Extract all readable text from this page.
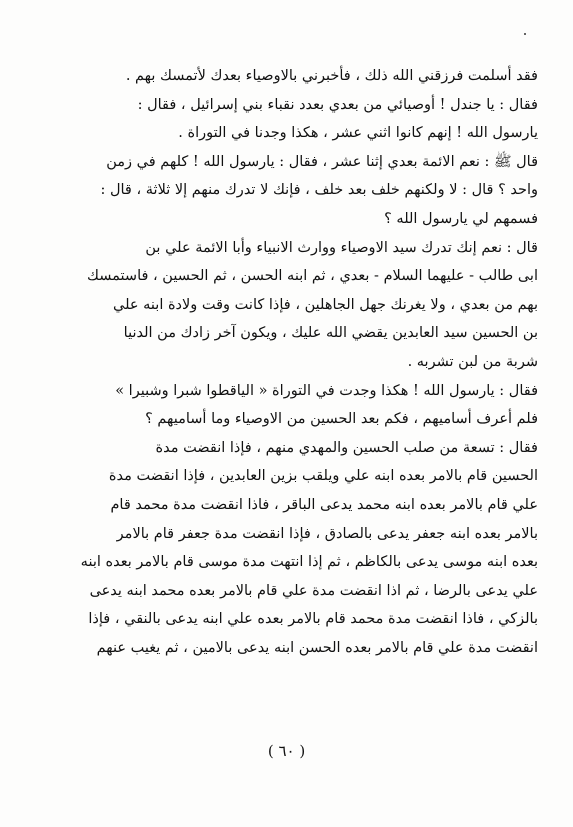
فقد أسلمت فرزقني الله ذلك ، فأخبرني بالاوصياء بعدك لأتمسك بهم .
فقال : يا جندل ! أوصيائي من بعدي بعدد نقباء بني إسرائيل ، فقال :
يارسول الله ! إنهم كانوا اثني عشر ، هكذا وجدنا في التوراة .
قال ﷺ : نعم الائمة بعدي إثنا عشر ، فقال : يارسول الله ! كلهم في زمن
واحد ؟ قال : لا ولكنهم خلف بعد خلف ، فإنك لا تدرك منهم إلا ثلاثة ، قال :
فسمهم لي يارسول الله ؟
قال : نعم إنك تدرك سيد الاوصياء ووارث الانبياء وأبا الائمة علي بن
ابى طالب - عليهما السلام - بعدي ، ثم ابنه الحسن ، ثم الحسين ، فاستمسك
بهم من بعدي ، ولا يغرنك جهل الجاهلين ، فإذا كانت وقت ولادة ابنه علي
بن الحسين سيد العابدين يقضي الله عليك ، ويكون آخر زادك من الدنيا
شربة من لبن تشربه .
فقال : يارسول الله ! هكذا وجدت في التوراة « الياقطوا شبرا وشبيرا »
فلم أعرف أساميهم ، فكم بعد الحسين من الاوصياء وما أساميهم ؟
فقال : تسعة من صلب الحسين والمهدي منهم ، فإذا انقضت مدة
الحسين قام بالامر بعده ابنه علي ويلقب بزين العابدين ، فإذا انقضت مدة
علي قام بالامر بعده ابنه محمد يدعى الباقر ، فاذا انقضت مدة محمد قام
بالامر بعده ابنه جعفر يدعى بالصادق ، فإذا انقضت مدة جعفر قام بالامر
بعده ابنه موسى يدعى بالكاظم ، ثم إذا انتهت مدة موسى قام بالامر بعده ابنه
علي يدعى بالرضا ، ثم اذا انقضت مدة علي قام بالامر بعده محمد ابنه يدعى
بالزكي ، فاذا انقضت مدة محمد قام بالامر بعده علي ابنه يدعى بالنقي ، فإذا
انقضت مدة علي قام بالامر بعده الحسن ابنه يدعى بالامين ، ثم يغيب عنهم
( ٦٠ )
